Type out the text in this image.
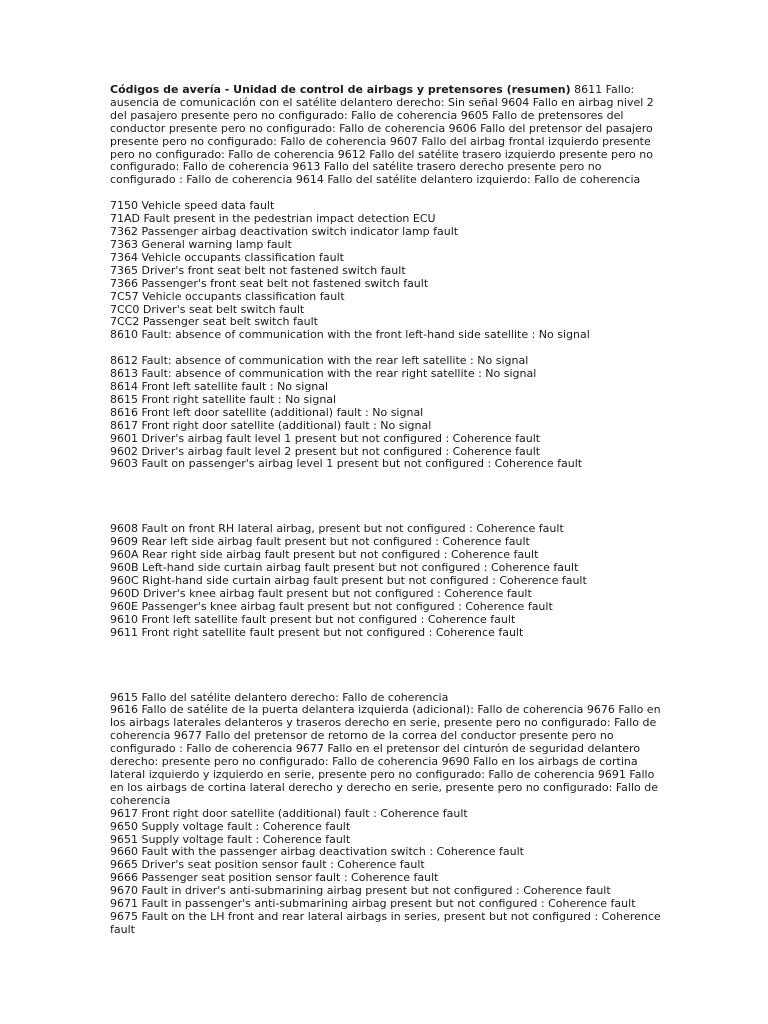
Códigos de avería - Unidad de control de airbags y pretensores (resumen) 8611 Fallo: ausencia de comunicación con el satélite delantero derecho: Sin señal 9604 Fallo en airbag nivel 2 del pasajero presente pero no configurado: Fallo de coherencia 9605 Fallo de pretensores del conductor presente pero no configurado: Fallo de coherencia 9606 Fallo del pretensor del pasajero presente pero no configurado: Fallo de coherencia 9607 Fallo del airbag frontal izquierdo presente pero no configurado: Fallo de coherencia 9612 Fallo del satélite trasero izquierdo presente pero no configurado: Fallo de coherencia 9613 Fallo del satélite trasero derecho presente pero no configurado : Fallo de coherencia 9614 Fallo del satélite delantero izquierdo: Fallo de coherencia

7150 Vehicle speed data fault
71AD Fault present in the pedestrian impact detection ECU
7362 Passenger airbag deactivation switch indicator lamp fault
7363 General warning lamp fault
7364 Vehicle occupants classification fault
7365 Driver's front seat belt not fastened switch fault
7366 Passenger's front seat belt not fastened switch fault
7C57 Vehicle occupants classification fault
7CC0 Driver's seat belt switch fault
7CC2 Passenger seat belt switch fault
8610 Fault: absence of communication with the front left-hand side satellite : No signal
8612 Fault: absence of communication with the rear left satellite : No signal
8613 Fault: absence of communication with the rear right satellite : No signal
8614 Front left satellite fault : No signal
8615 Front right satellite fault : No signal
8616 Front left door satellite (additional) fault : No signal
8617 Front right door satellite (additional) fault : No signal
9601 Driver's airbag fault level 1 present but not configured : Coherence fault
9602 Driver's airbag fault level 2 present but not configured : Coherence fault
9603 Fault on passenger's airbag level 1 present but not configured : Coherence fault
9608 Fault on front RH lateral airbag, present but not configured : Coherence fault
9609 Rear left side airbag fault present but not configured : Coherence fault
960A Rear right side airbag fault present but not configured : Coherence fault
960B Left-hand side curtain airbag fault present but not configured : Coherence fault
960C Right-hand side curtain airbag fault present but not configured : Coherence fault
960D Driver's knee airbag fault present but not configured : Coherence fault
960E Passenger's knee airbag fault present but not configured : Coherence fault
9610 Front left satellite fault present but not configured : Coherence fault
9611 Front right satellite fault present but not configured : Coherence fault
9615 Fallo del satélite delantero derecho: Fallo de coherencia
9616 Fallo de satélite de la puerta delantera izquierda (adicional): Fallo de coherencia 9676 Fallo en los airbags laterales delanteros y traseros derecho en serie, presente pero no configurado: Fallo de coherencia 9677 Fallo del pretensor de retorno de la correa del conductor presente pero no configurado : Fallo de coherencia 9677 Fallo en el pretensor del cinturón de seguridad delantero derecho: presente pero no configurado: Fallo de coherencia 9690 Fallo en los airbags de cortina lateral izquierdo y izquierdo en serie, presente pero no configurado: Fallo de coherencia 9691 Fallo en los airbags de cortina lateral derecho y derecho en serie, presente pero no configurado: Fallo de coherencia
9617 Front right door satellite (additional) fault : Coherence fault
9650 Supply voltage fault : Coherence fault
9651 Supply voltage fault : Coherence fault
9660 Fault with the passenger airbag deactivation switch : Coherence fault
9665 Driver's seat position sensor fault : Coherence fault
9666 Passenger seat position sensor fault : Coherence fault
9670 Fault in driver's anti-submarining airbag present but not configured : Coherence fault
9671 Fault in passenger's anti-submarining airbag present but not configured : Coherence fault
9675 Fault on the LH front and rear lateral airbags in series, present but not configured : Coherence fault
